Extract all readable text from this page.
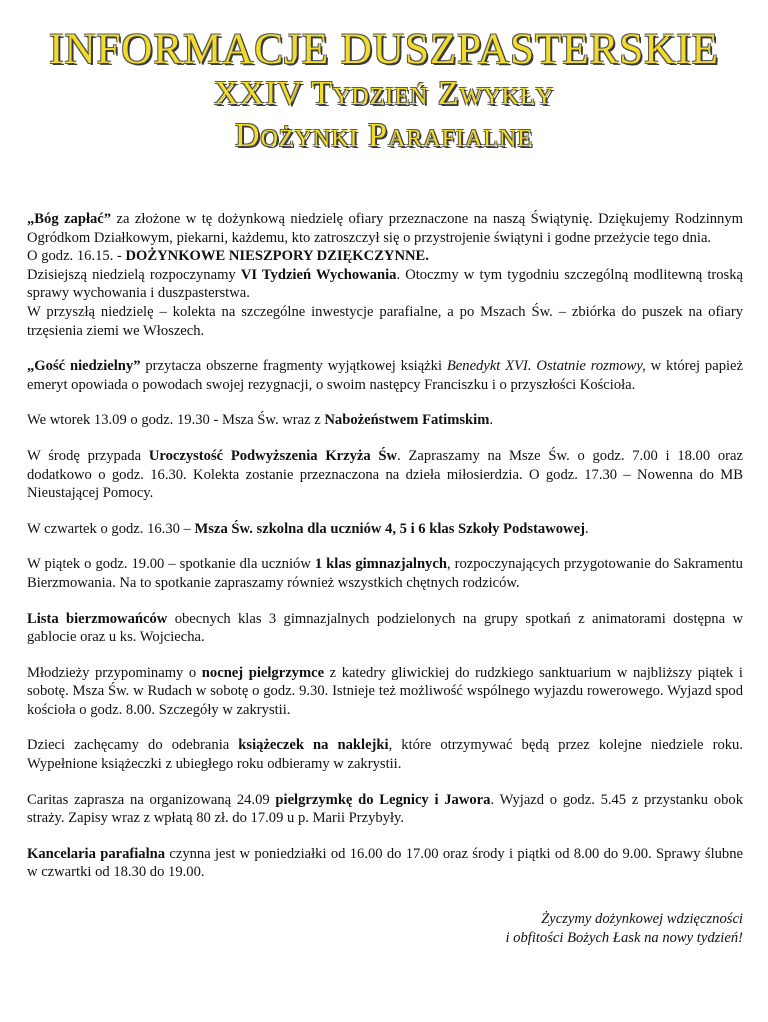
INFORMACJE DUSZPASTERSKIE
XXIV Tydzień Zwykły
Dożynki Parafialne

„Bóg zapłać” za złożone w tę dożynkową niedzielę ofiary przeznaczone na naszą Świątynię. Dziękujemy Rodzinnym Ogródkom Działkowym, piekarni, każdemu, kto zatroszczył się o przystrojenie świątyni i godne przeżycie tego dnia.

O godz. 16.15. - DOŻYNKOWE NIESZPORY DZIĘKCZYNNE.

Dzisiejszą niedzielą rozpoczynamy VI Tydzień Wychowania. Otoczmy w tym tygodniu szczególną modlitewną troską sprawy wychowania i duszpasterstwa.

W przyszłą niedzielę – kolekta na szczególne inwestycje parafialne, a po Mszach Św. – zbiórka do puszek na ofiary trzęsienia ziemi we Włoszech.

„Gość niedzielny” przytacza obszerne fragmenty wyjątkowej książki Benedykt XVI. Ostatnie rozmowy, w której papież emeryt opowiada o powodach swojej rezygnacji, o swoim następcy Franciszku i o przyszłości Kościoła.

We wtorek 13.09 o godz. 19.30 - Msza Św. wraz z Nabożeństwem Fatimskim.

W środę przypada Uroczystość Podwyższenia Krzyża Św. Zapraszamy na Msze Św. o godz. 7.00 i 18.00 oraz dodatkowo o godz. 16.30. Kolekta zostanie przeznaczona na dzieła miłosierdzia. O godz. 17.30 – Nowenna do MB Nieustającej Pomocy.

W czwartek o godz. 16.30 – Msza Św. szkolna dla uczniów 4, 5 i 6 klas Szkoły Podstawowej.

W piątek o godz. 19.00 – spotkanie dla uczniów 1 klas gimnazjalnych, rozpoczynających przygotowanie do Sakramentu Bierzmowania. Na to spotkanie zapraszamy również wszystkich chętnych rodziców.

Lista bierzmowańców obecnych klas 3 gimnazjalnych podzielonych na grupy spotkań z animatorami dostępna w gablocie oraz u ks. Wojciecha.

Młodzieży przypominamy o nocnej pielgrzymce z katedry gliwickiej do rudzkiego sanktuarium w najbliższy piątek i sobotę. Msza Św. w Rudach w sobotę o godz. 9.30. Istnieje też możliwość wspólnego wyjazdu rowerowego. Wyjazd spod kościoła o godz. 8.00. Szczegóły w zakrystii.

Dzieci zachęcamy do odebrania książeczek na naklejki, które otrzymywać będą przez kolejne niedziele roku. Wypełnione książeczki z ubiegłego roku odbieramy w zakrystii.

Caritas zaprasza na organizowaną 24.09 pielgrzymkę do Legnicy i Jawora. Wyjazd o godz. 5.45 z przystanku obok straży. Zapisy wraz z wpłatą 80 zł. do 17.09 u p. Marii Przybyły.

Kancelaria parafialna czynna jest w poniedziałki od 16.00 do 17.00 oraz środy i piątki od 8.00 do 9.00. Sprawy ślubne w czwartki od 18.30 do 19.00.

Życzymy dożynkowej wdzięczności
i obfitości Bożych Łask na nowy tydzień!
